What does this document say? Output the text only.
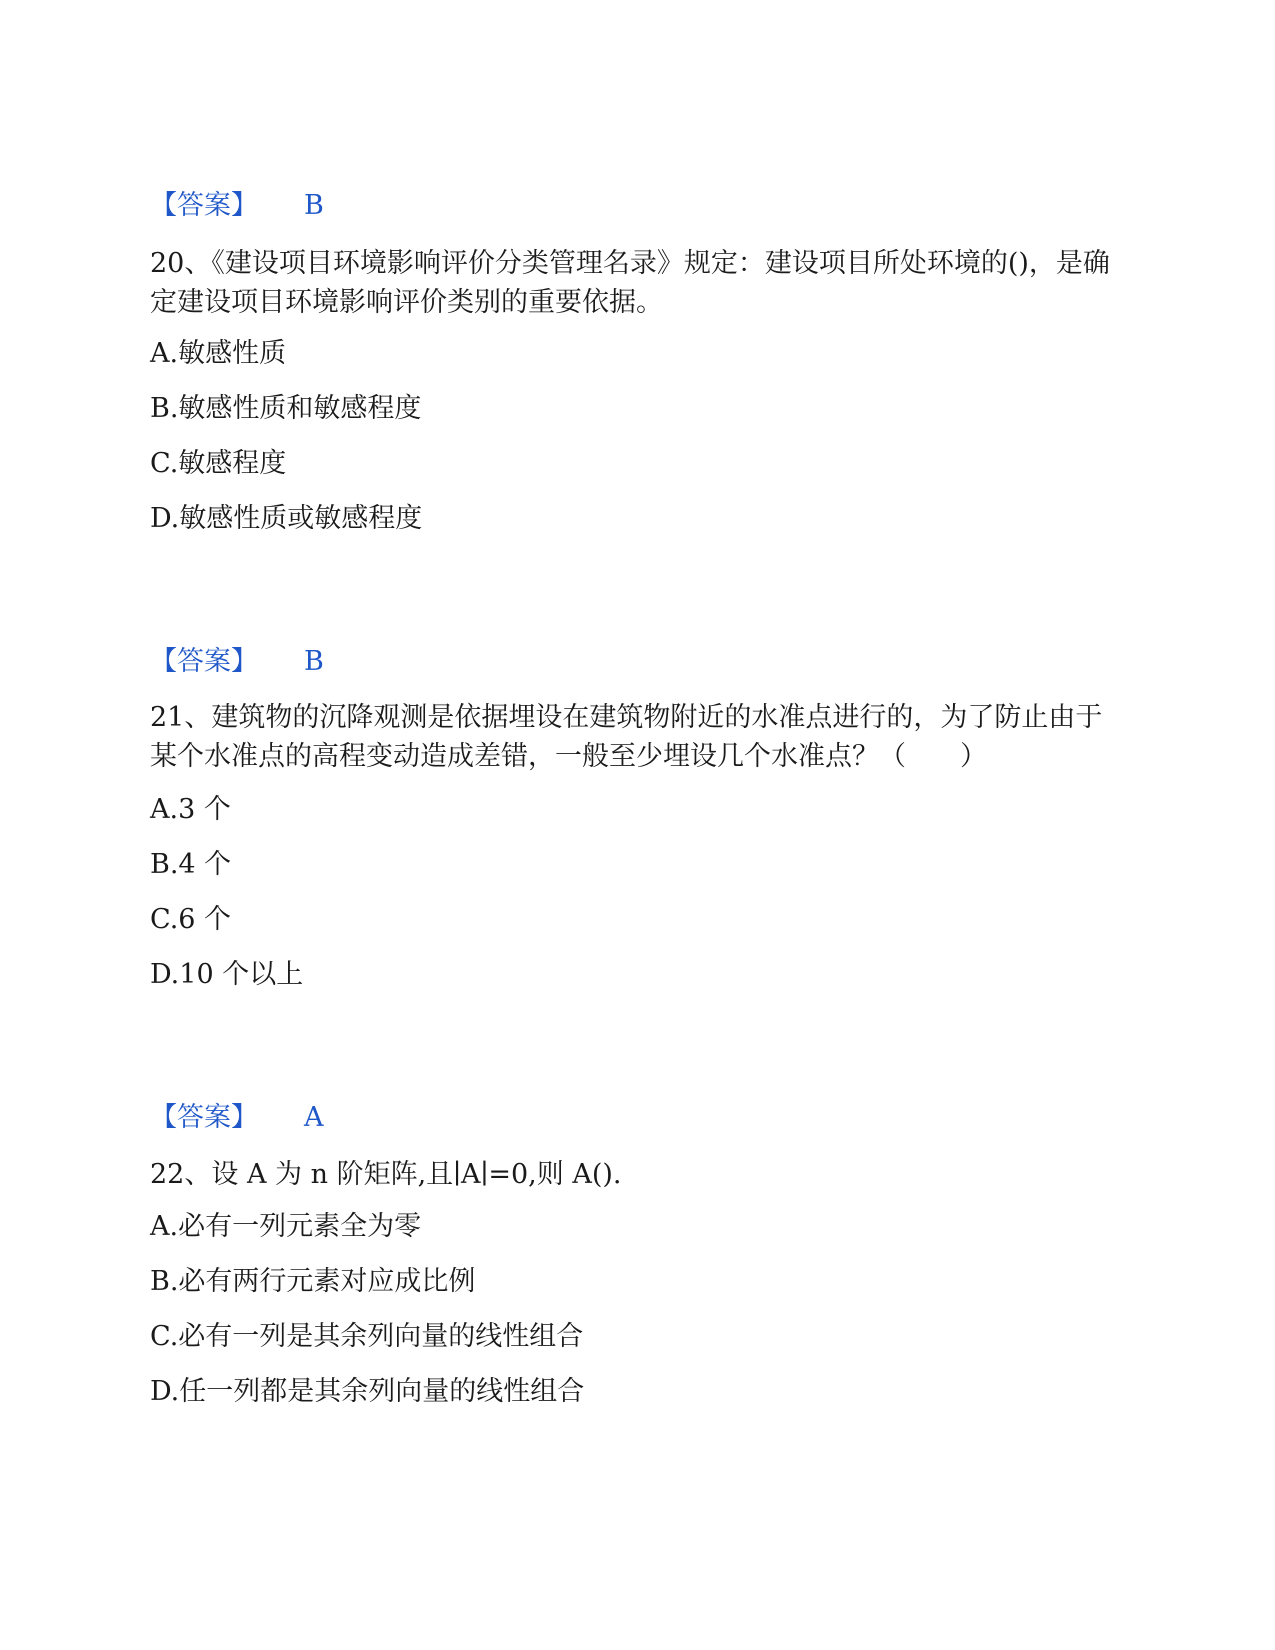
【答案】 B
20、《建设项目环境影响评价分类管理名录》规定：建设项目所处环境的()，是确定建设项目环境影响评价类别的重要依据。
A.敏感性质
B.敏感性质和敏感程度
C.敏感程度
D.敏感性质或敏感程度
【答案】 B
21、建筑物的沉降观测是依据埋设在建筑物附近的水准点进行的，为了防止由于某个水准点的高程变动造成差错，一般至少埋设几个水准点？（　　）
A.3 个
B.4 个
C.6 个
D.10 个以上
【答案】 A
22、设 A 为 n 阶矩阵,且∣A∣=0,则 A().
A.必有一列元素全为零
B.必有两行元素对应成比例
C.必有一列是其余列向量的线性组合
D.任一列都是其余列向量的线性组合
